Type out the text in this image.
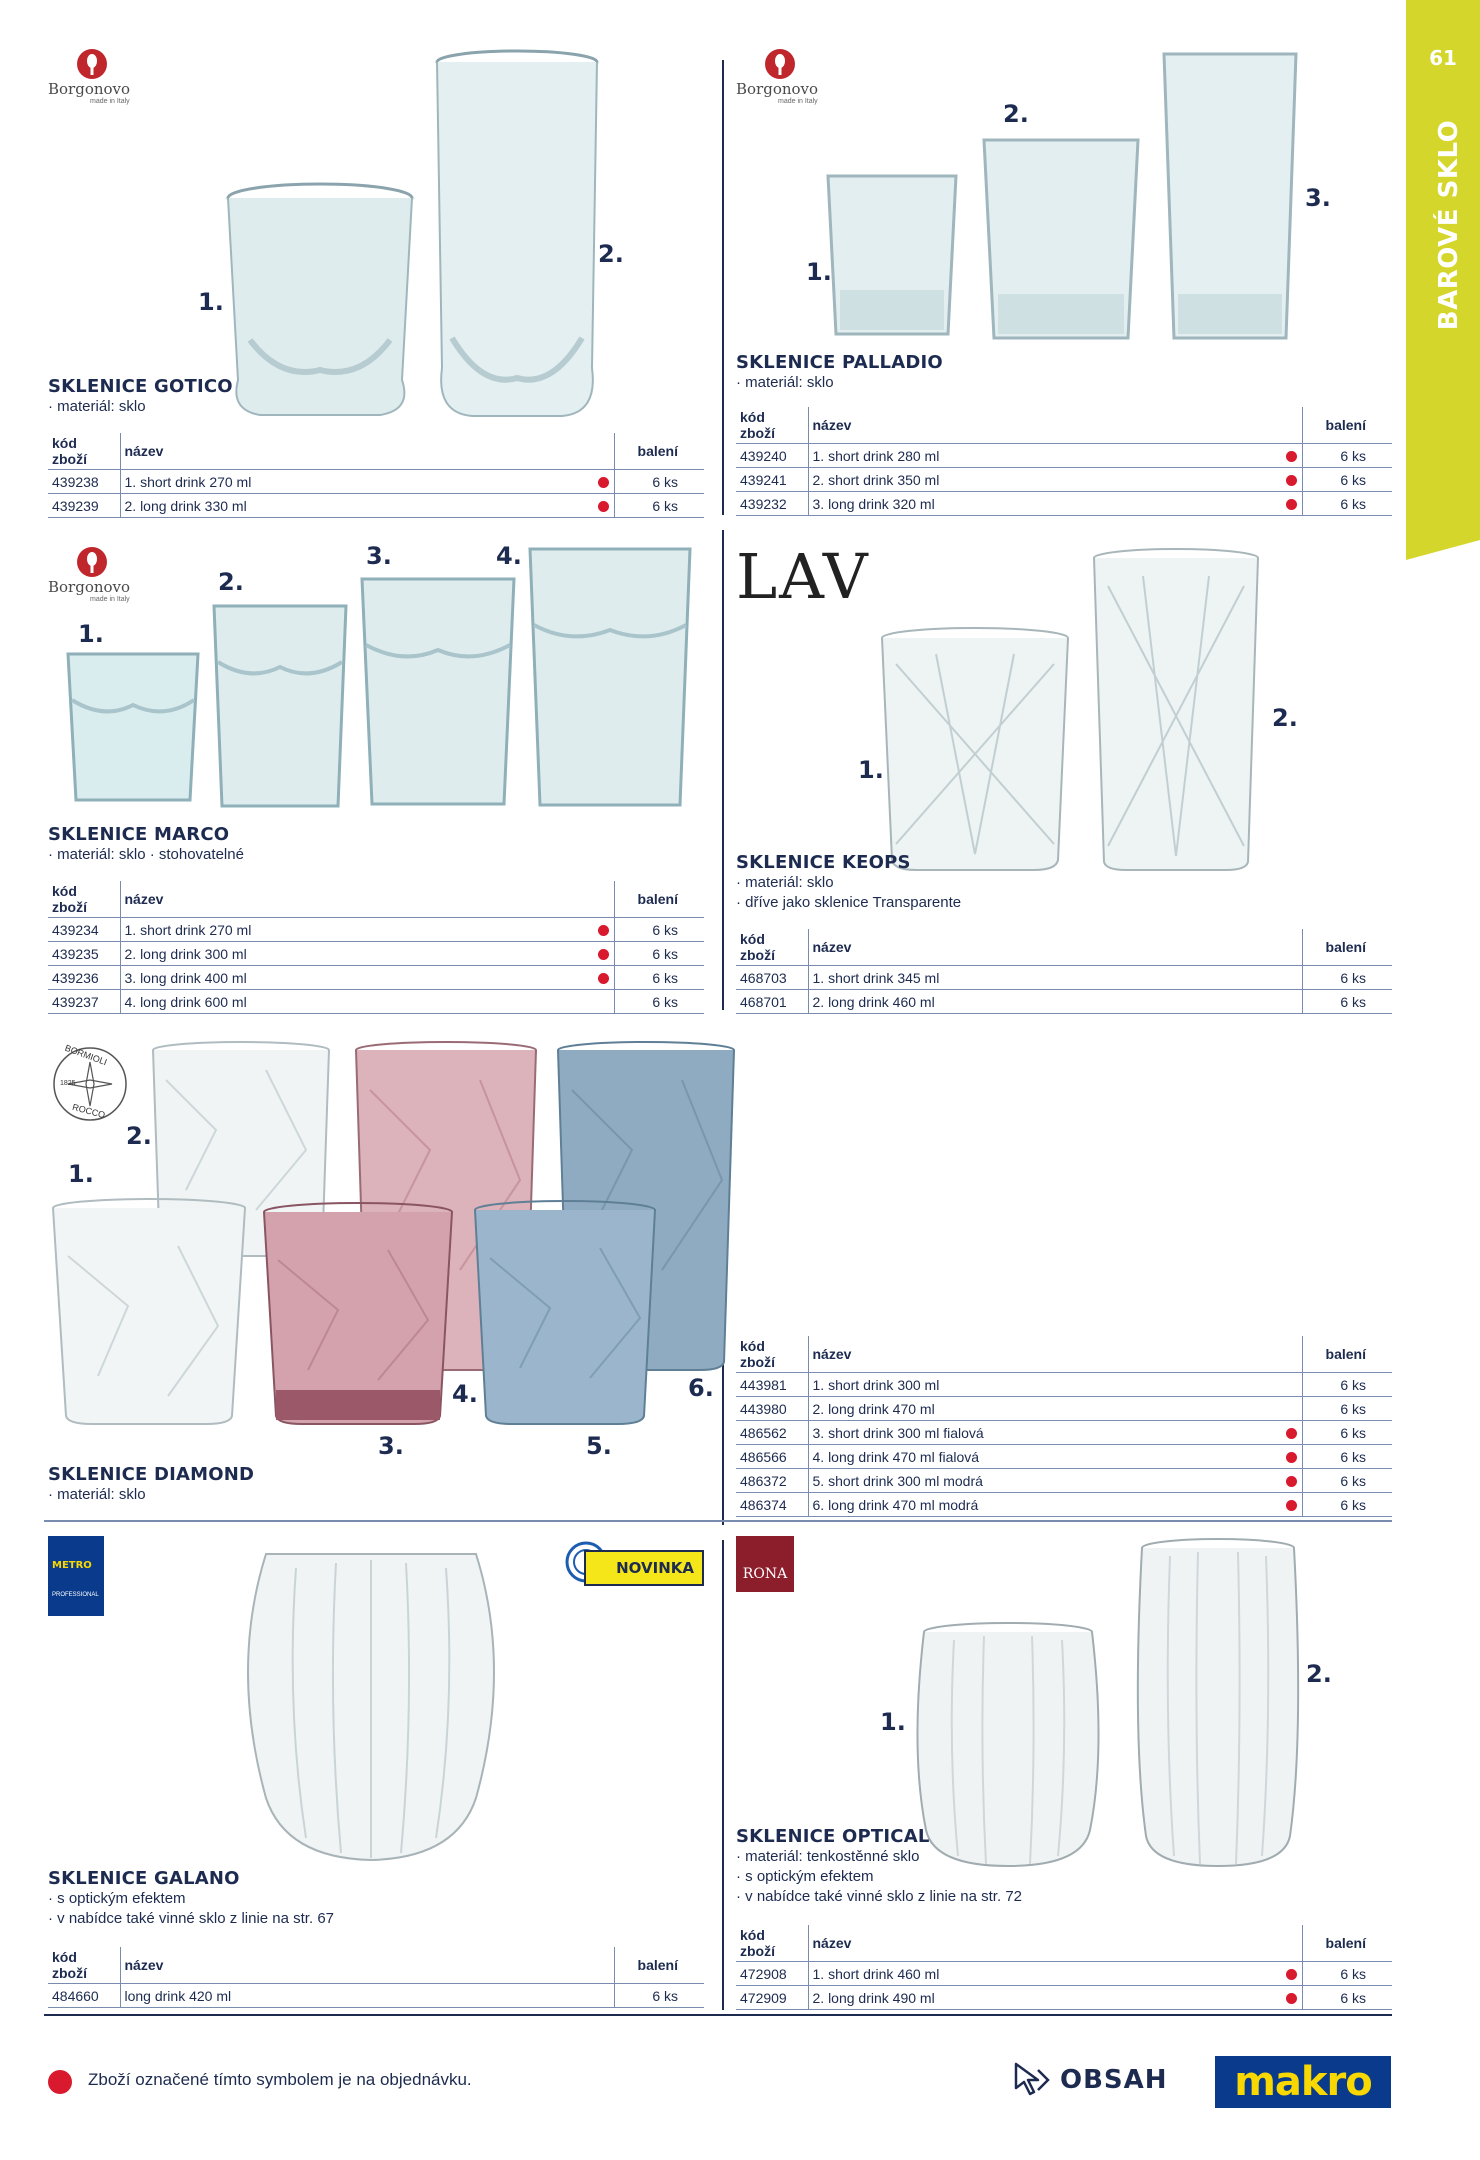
61
BAROVÉ SKLO
Borgonovo
made in Italy
1.
2.
SKLENICE GOTICO
· materiál: sklo
kód zboží	název		balení
439238	1. short drink 270 ml		6 ks
439239	2. long drink 330 ml		6 ks
Borgonovo
made in Italy
1.
2.
3.
SKLENICE PALLADIO
· materiál: sklo
kód zboží	název		balení
439240	1. short drink 280 ml		6 ks
439241	2. short drink 350 ml		6 ks
439232	3. long drink 320 ml		6 ks
Borgonovo
made in Italy
1.
2.
3.	4.
SKLENICE MARCO
· materiál: sklo · stohovatelné
kód zboží	název		balení
439234	1. short drink 270 ml		6 ks
439235	2. long drink 300 ml		6 ks
439236	3. long drink 400 ml		6 ks
439237	4. long drink 600 ml		6 ks
LAV
1.
2.
SKLENICE KEOPS
· materiál: sklo
· dříve jako sklenice Transparente
kód zboží	název		balení
468703	1. short drink 345 ml		6 ks
468701	2. long drink 460 ml		6 ks
BORMIOLI
1825
ROCCO
1.
2.
3.
4.
5.
6.
SKLENICE DIAMOND
· materiál: sklo
kód zboží	název		balení
443981	1. short drink 300 ml		6 ks
443980	2. long drink 470 ml		6 ks
486562	3. short drink 300 ml fialová		6 ks
486566	4. long drink 470 ml fialová		6 ks
486372	5. short drink 300 ml modrá		6 ks
486374	6. long drink 470 ml modrá		6 ks
METRO
PROFESSIONAL
NOVINKA
SKLENICE GALANO
· s optickým efektem
· v nabídce také vinné sklo z linie na str. 67
kód zboží	název		balení
484660	long drink 420 ml		6 ks
RONA
1.
2.
SKLENICE OPTICAL
· materiál: tenkostěnné sklo
· s optickým efektem
· v nabídce také vinné sklo z linie na str. 72
kód zboží	název		balení
472908	1. short drink 460 ml		6 ks
472909	2. long drink 490 ml		6 ks
Zboží označené tímto symbolem je na objednávku.	OBSAH makro
